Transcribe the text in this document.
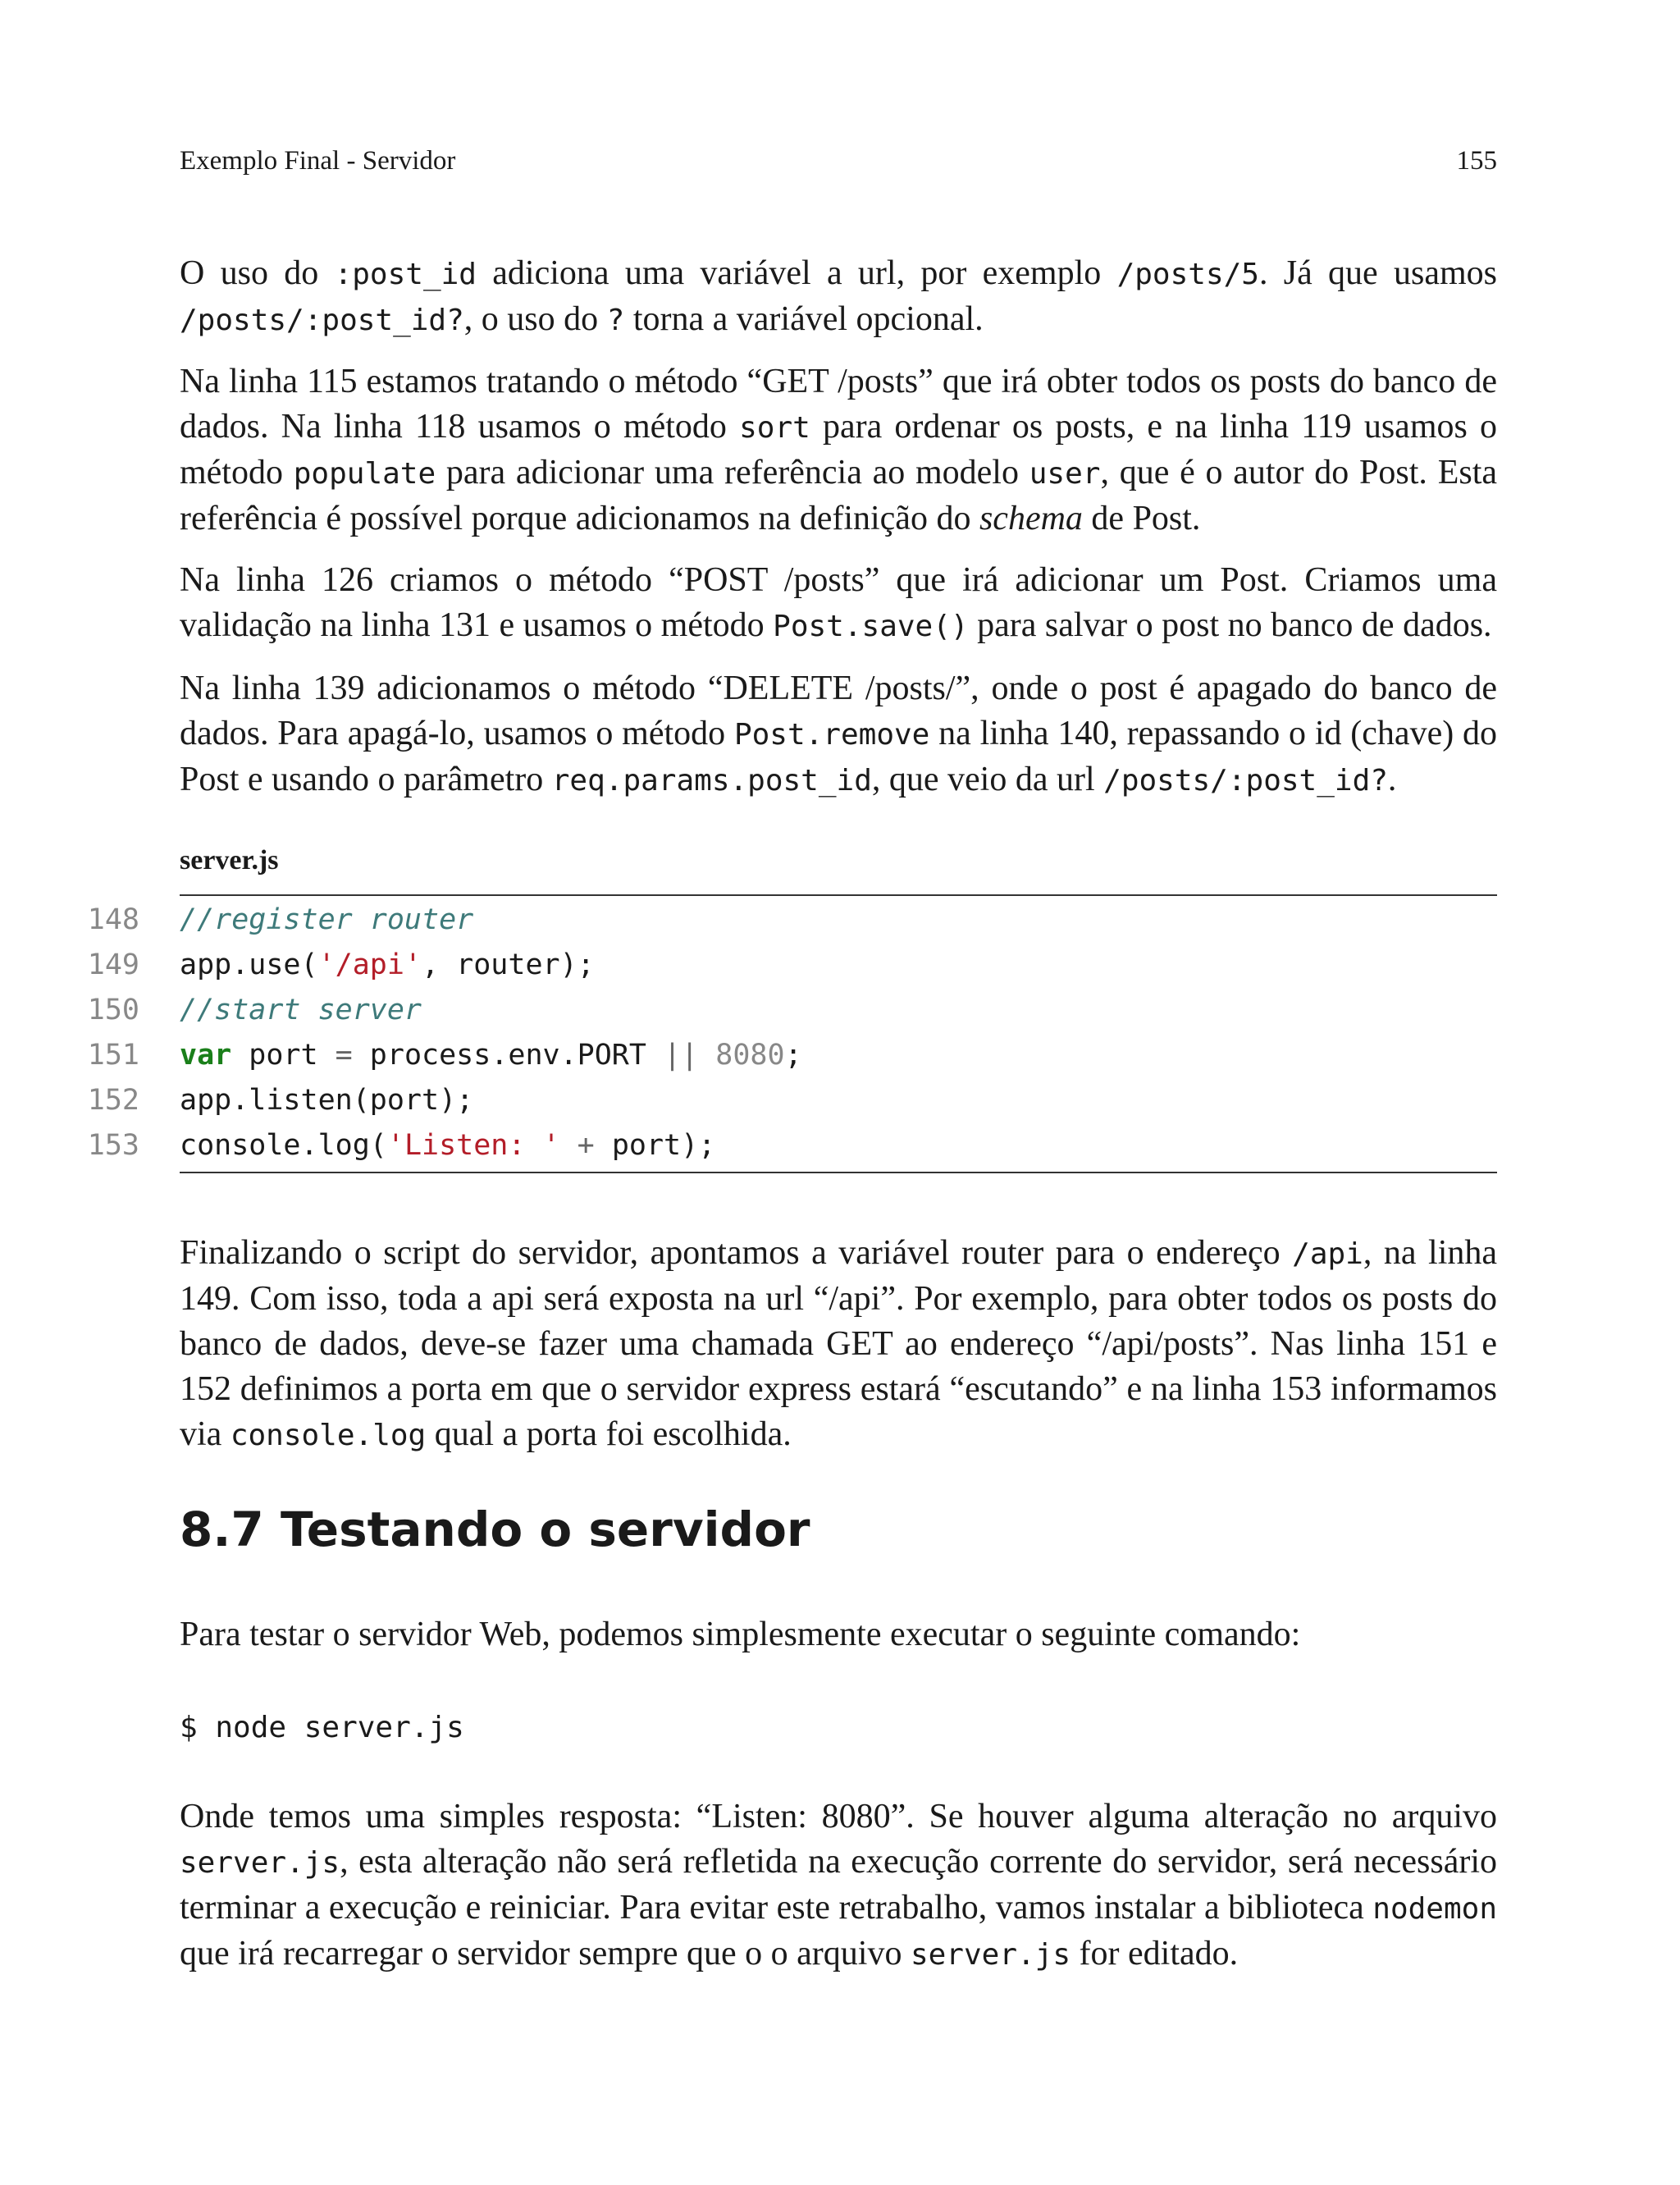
Exemplo Final - Servidor	155

O uso do :post_id adiciona uma variável a url, por exemplo /posts/5. Já que usamos /posts/:post_id?, o uso do ? torna a variável opcional.

Na linha 115 estamos tratando o método “GET /posts” que irá obter todos os posts do banco de dados. Na linha 118 usamos o método sort para ordenar os posts, e na linha 119 usamos o método populate para adicionar uma referência ao modelo user, que é o autor do Post. Esta referência é possível porque adicionamos na definição do schema de Post.

Na linha 126 criamos o método “POST /posts” que irá adicionar um Post. Criamos uma validação na linha 131 e usamos o método Post.save() para salvar o post no banco de dados.

Na linha 139 adicionamos o método “DELETE /posts/”, onde o post é apagado do banco de dados. Para apagá-lo, usamos o método Post.remove na linha 140, repassando o id (chave) do Post e usando o parâmetro req.params.post_id, que veio da url /posts/:post_id?.

server.js
148 //register router
149 app.use('/api', router);
150 //start server
151 var port = process.env.PORT || 8080;
152 app.listen(port);
153 console.log('Listen: ' + port);

Finalizando o script do servidor, apontamos a variável router para o endereço /api, na linha 149. Com isso, toda a api será exposta na url “/api”. Por exemplo, para obter todos os posts do banco de dados, deve-se fazer uma chamada GET ao endereço “/api/posts”. Nas linha 151 e 152 definimos a porta em que o servidor express estará “escutando” e na linha 153 informamos via console.log qual a porta foi escolhida.

8.7 Testando o servidor

Para testar o servidor Web, podemos simplesmente executar o seguinte comando:

$ node server.js

Onde temos uma simples resposta: “Listen: 8080”. Se houver alguma alteração no arquivo server.js, esta alteração não será refletida na execução corrente do servidor, será necessário terminar a execução e reiniciar. Para evitar este retrabalho, vamos instalar a biblioteca nodemon que irá recarregar o servidor sempre que o o arquivo server.js for editado.
